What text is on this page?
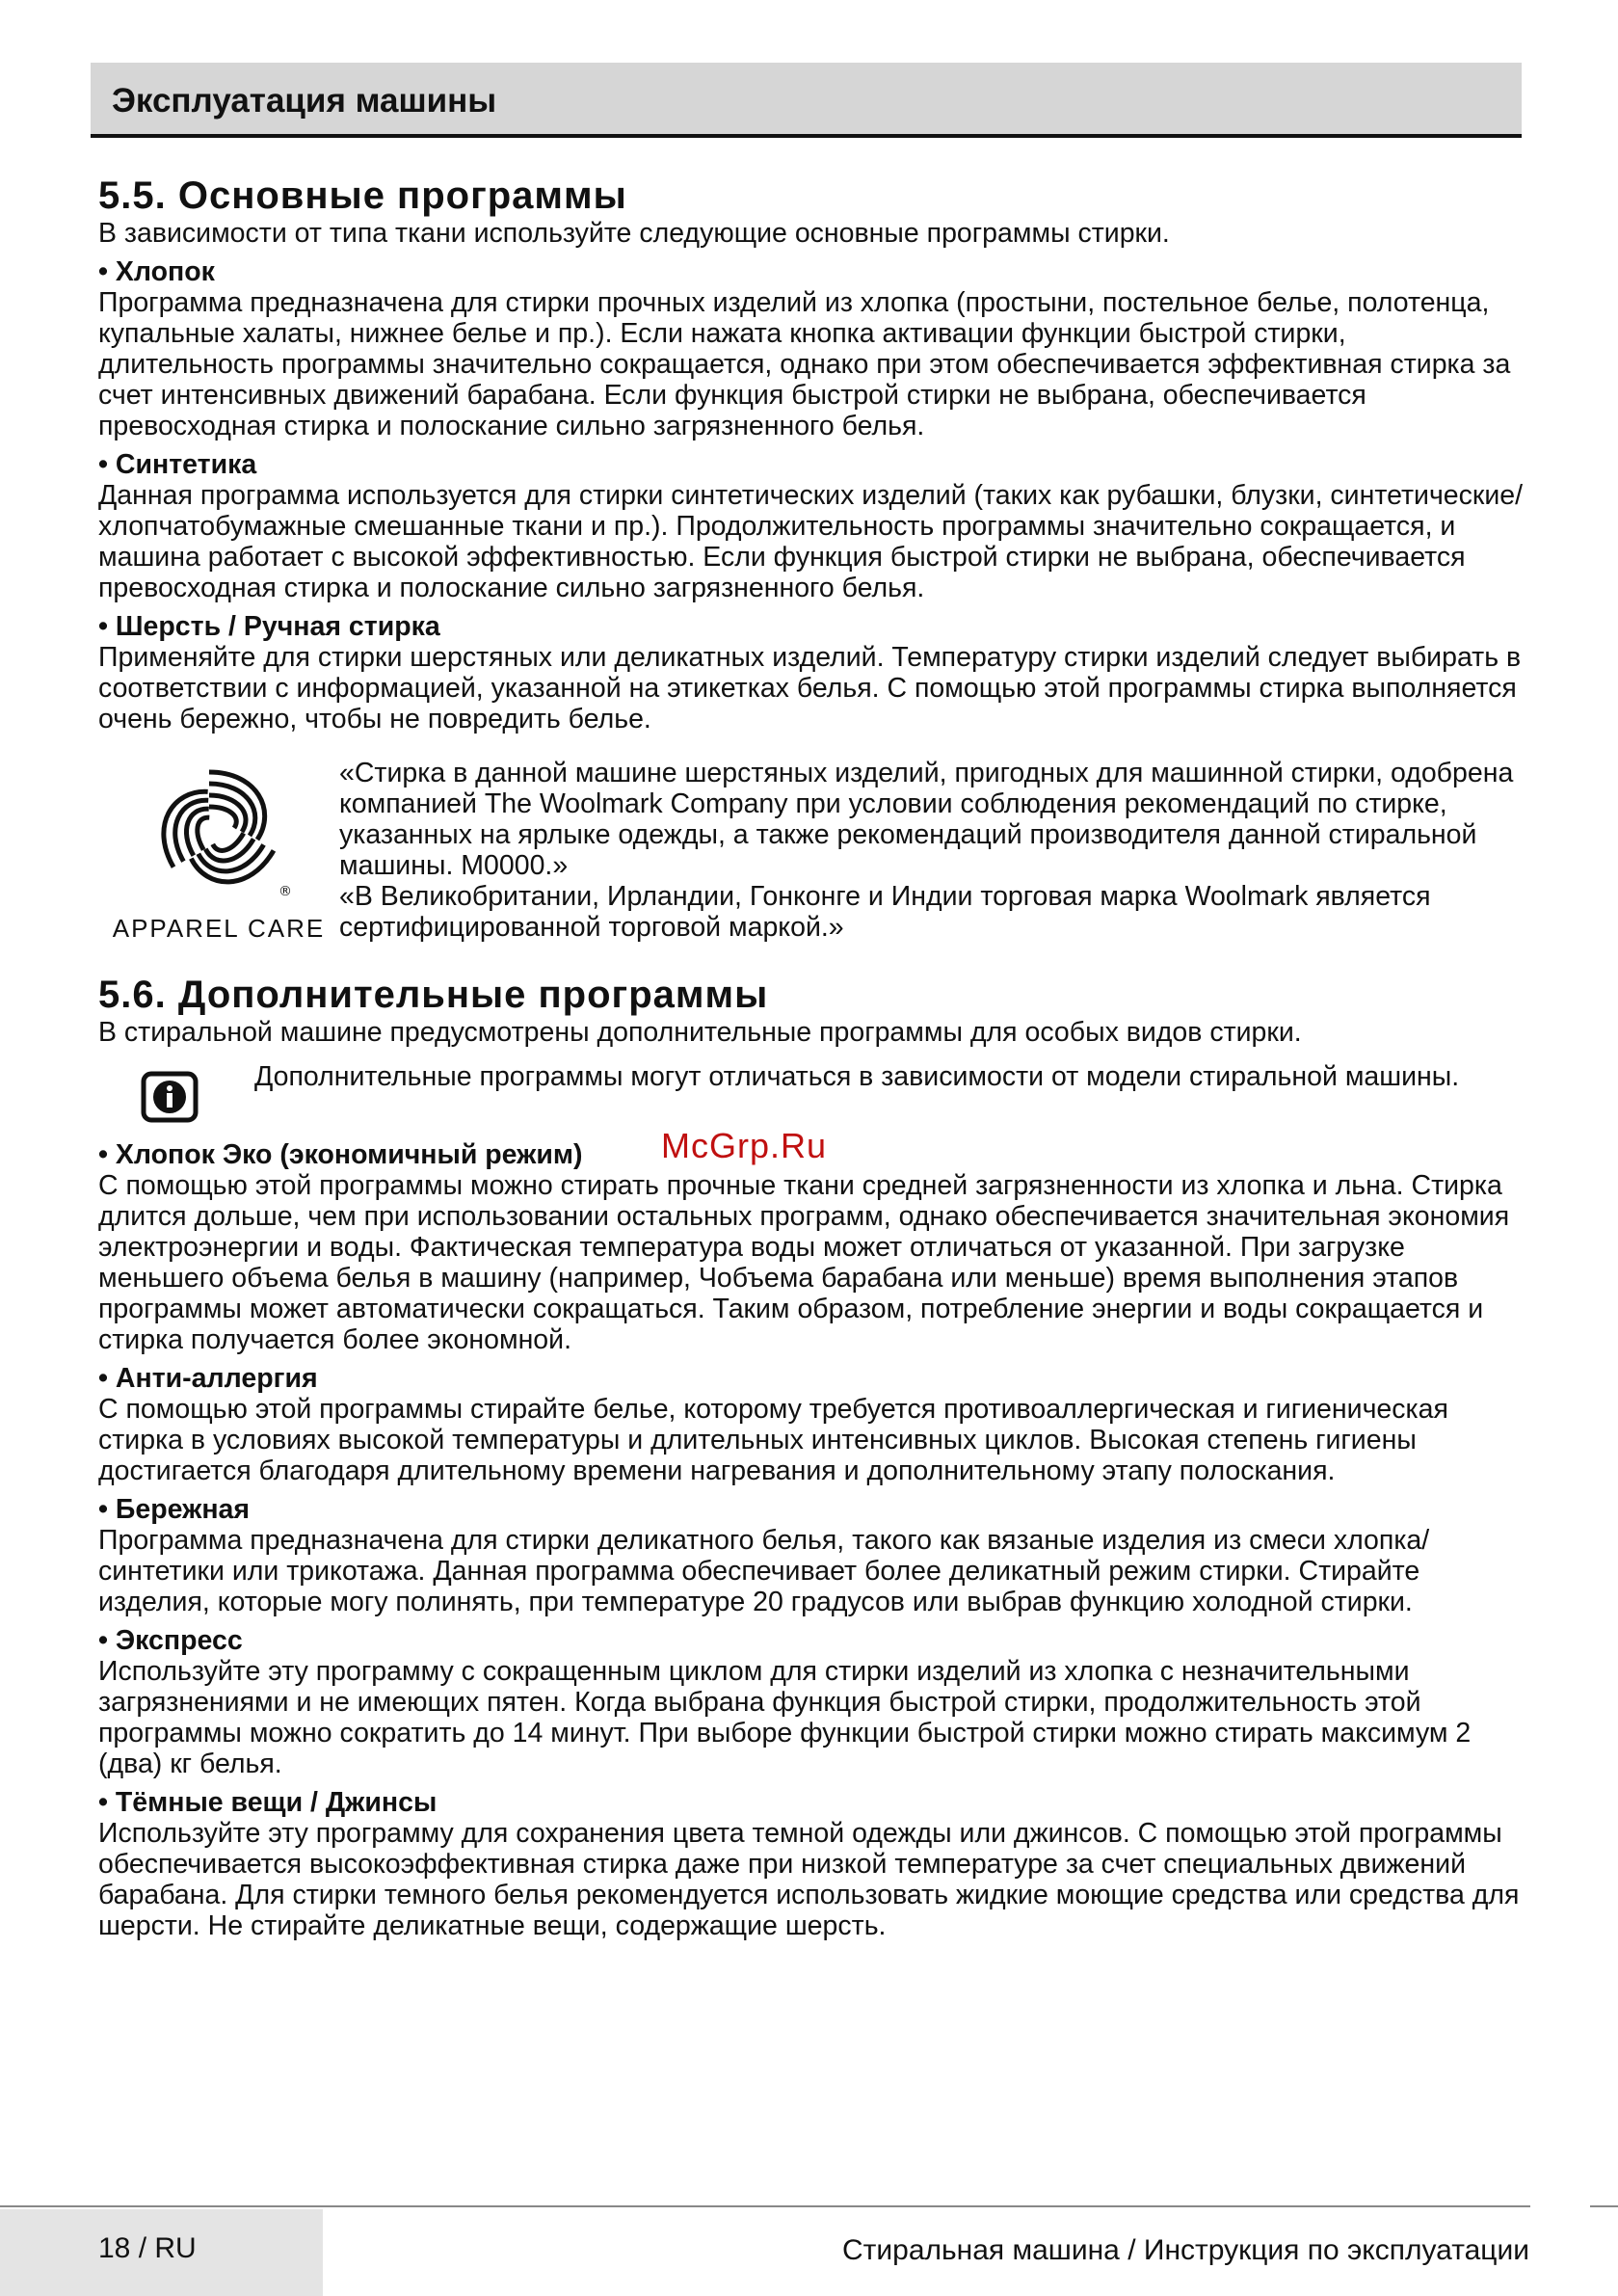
Эксплуатация машины
5.5. Основные программы

В зависимости от типа ткани используйте следующие основные программы стирки.

• Хлопок

Программа предназначена для стирки прочных изделий из хлопка (простыни, постельное белье, полотенца, купальные халаты, нижнее белье и пр.). Если нажата кнопка активации функции быстрой стирки, длительность программы значительно сокращается, однако при этом обеспечивается эффективная стирка за счет интенсивных движений барабана. Если функция быстрой стирки не выбрана, обеспечивается превосходная стирка и полоскание сильно загрязненного белья.

• Синтетика

Данная программа используется для стирки синтетических изделий (таких как рубашки, блузки, синтетические/хлопчатобумажные смешанные ткани и пр.). Продолжительность программы значительно сокращается, и машина работает с высокой эффективностью. Если функция быстрой стирки не выбрана, обеспечивается превосходная стирка и полоскание сильно загрязненного белья.

• Шерсть / Ручная стирка

Применяйте для стирки шерстяных или деликатных изделий. Температуру стирки изделий следует выбирать в соответствии с информацией, указанной на этикетках белья. С помощью этой программы стирка выполняется очень бережно, чтобы не повредить белье.

®
APPAREL CARE

«Стирка в данной машине шерстяных изделий, пригодных для машинной стирки, одобрена компанией The Woolmark Company при условии соблюдения рекомендаций по стирке, указанных на ярлыке одежды, а также рекомендаций производителя данной стиральной машины. M0000.»

«В Великобритании, Ирландии, Гонконге и Индии торговая марка Woolmark является сертифицированной торговой маркой.»

5.6. Дополнительные программы

В стиральной машине предусмотрены дополнительные программы для особых видов стирки.

Дополнительные программы могут отличаться в зависимости от модели стиральной машины.

• Хлопок Эко (экономичный режим)

С помощью этой программы можно стирать прочные ткани средней загрязненности из хлопка и льна. Стирка длится дольше, чем при использовании остальных программ, однако обеспечивается значительная экономия электроэнергии и воды. Фактическая температура воды может отличаться от указанной. При загрузке меньшего объема белья в машину (например, Чобъема барабана или меньше) время выполнения этапов программы может автоматически сокращаться. Таким образом, потребление энергии и воды сокращается и стирка получается более экономной.

• Анти-аллергия

С помощью этой программы стирайте белье, которому требуется противоаллергическая и гигиеническая стирка в условиях высокой температуры и длительных интенсивных циклов. Высокая степень гигиены достигается благодаря длительному времени нагревания и дополнительному этапу полоскания.

• Бережная

Программа предназначена для стирки деликатного белья, такого как вязаные изделия из смеси хлопка/синтетики или трикотажа. Данная программа обеспечивает более деликатный режим стирки. Стирайте изделия, которые могу полинять, при температуре 20 градусов или выбрав функцию холодной стирки.

• Экспресс

Используйте эту программу с сокращенным циклом для стирки изделий из хлопка с незначительными загрязнениями и не имеющих пятен. Когда выбрана функция быстрой стирки, продолжительность этой программы можно сократить до 14 минут. При выборе функции быстрой стирки можно стирать максимум 2 (два) кг белья.

• Тёмные вещи / Джинсы

Используйте эту программу для сохранения цвета темной одежды или джинсов. С помощью этой программы обеспечивается высокоэффективная стирка даже при низкой температуре за счет специальных движений барабана. Для стирки темного белья рекомендуется использовать жидкие моющие средства или средства для шерсти. Не стирайте деликатные вещи, содержащие шерсть.

McGrp.Ru
18 / RU	Стиральная машина / Инструкция по эксплуатации
